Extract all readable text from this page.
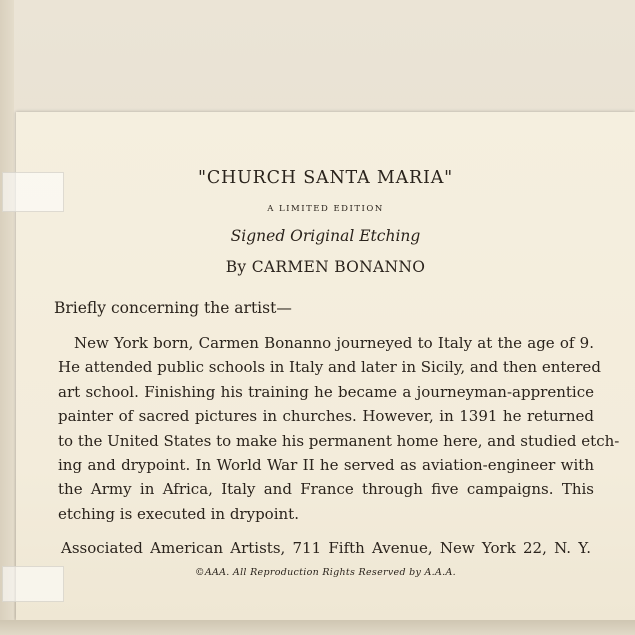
"CHURCH SANTA MARIA"
A LIMITED EDITION
Signed Original Etching
By CARMEN BONANNO
Briefly concerning the artist—
New York born, Carmen Bonanno journeyed to Italy at the age of 9.
He attended public schools in Italy and later in Sicily, and then entered
art school. Finishing his training he became a journeyman-apprentice
painter of sacred pictures in churches. However, in 1391 he returned
to the United States to make his permanent home here, and studied etch-
ing and drypoint. In World War II he served as aviation-engineer with
the Army in Africa, Italy and France through five campaigns. This
etching is executed in drypoint.
Associated American Artists, 711 Fifth Avenue, New York 22, N. Y.
©AAA. All Reproduction Rights Reserved by A.A.A.
